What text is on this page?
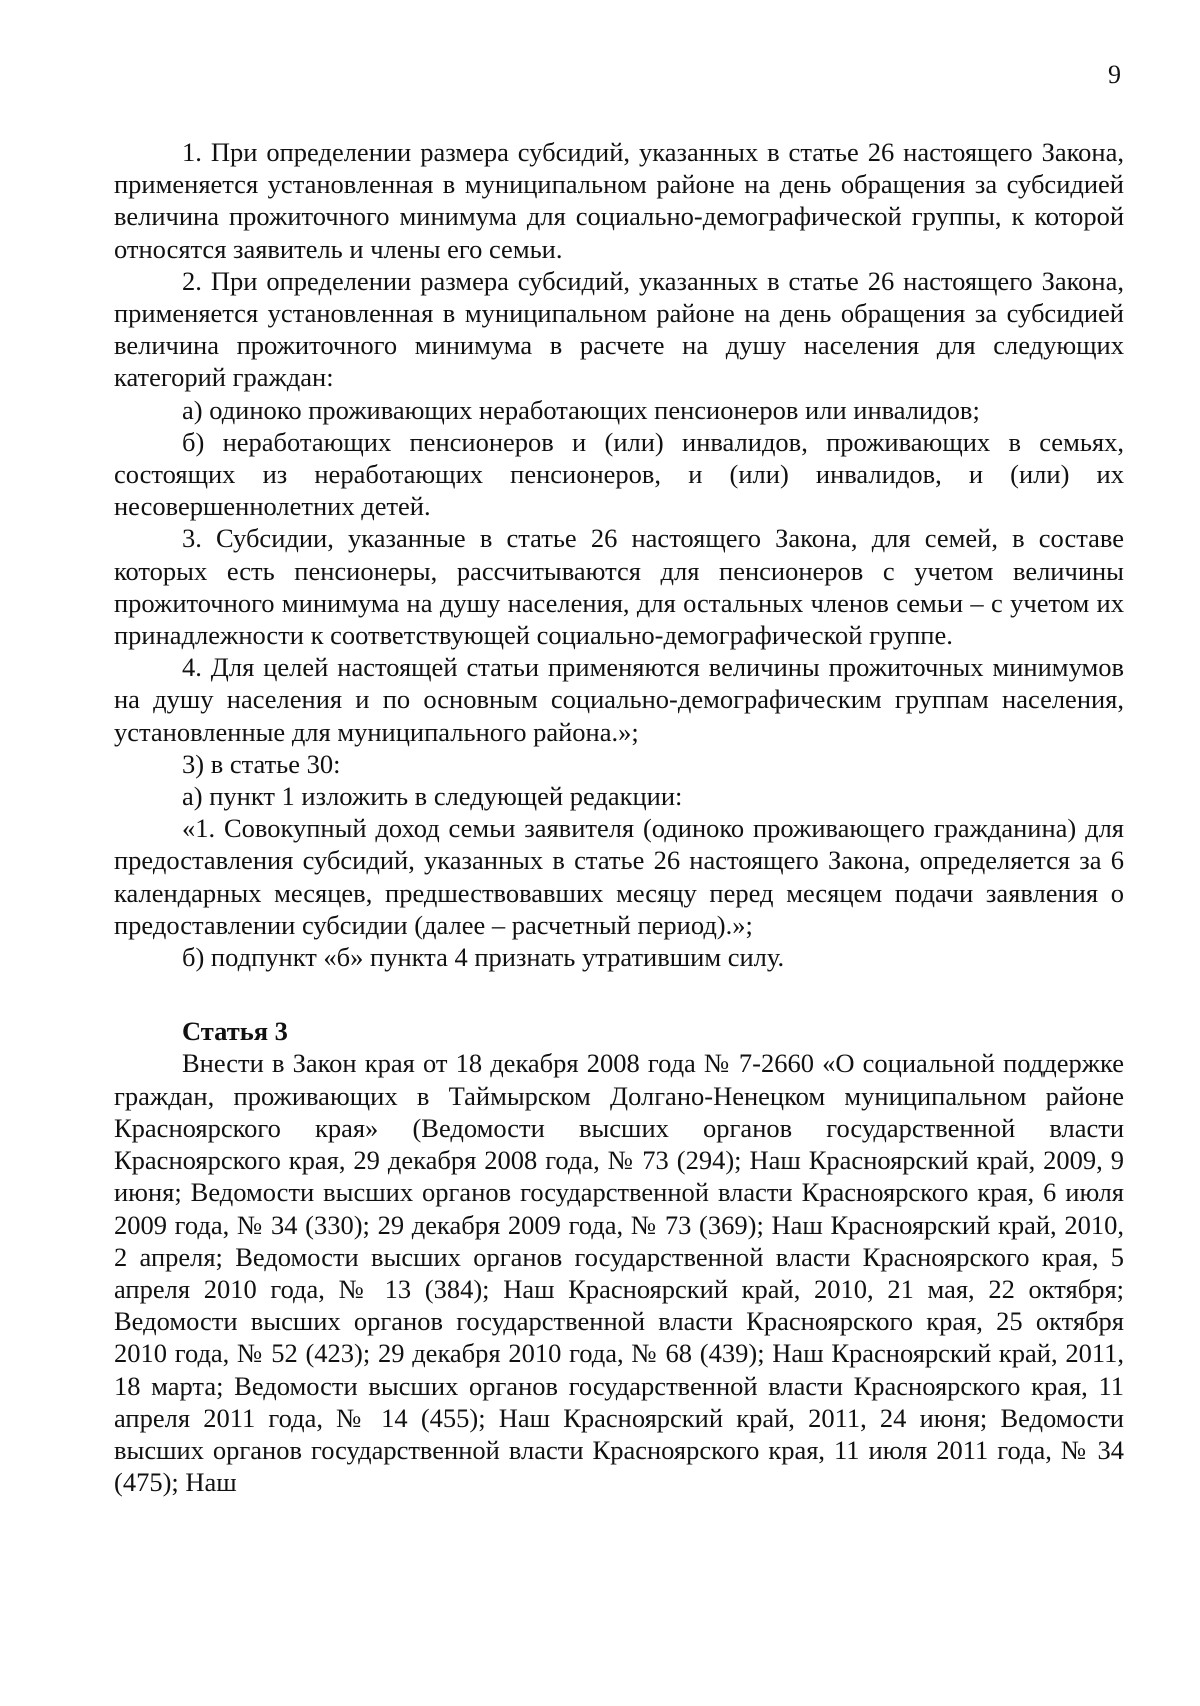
9

1. При определении размера субсидий, указанных в статье 26 настоящего Закона, применяется установленная в муниципальном районе на день обращения за субсидией величина прожиточного минимума для социально-демографической группы, к которой относятся заявитель и члены его семьи.

2. При определении размера субсидий, указанных в статье 26 настоящего Закона, применяется установленная в муниципальном районе на день обращения за субсидией величина прожиточного минимума в расчете на душу населения для следующих категорий граждан:

а) одиноко проживающих неработающих пенсионеров или инвалидов;

б) неработающих пенсионеров и (или) инвалидов, проживающих в семьях, состоящих из неработающих пенсионеров, и (или) инвалидов, и (или) их несовершеннолетних детей.

3. Субсидии, указанные в статье 26 настоящего Закона, для семей, в составе которых есть пенсионеры, рассчитываются для пенсионеров с учетом величины прожиточного минимума на душу населения, для остальных членов семьи – с учетом их принадлежности к соответствующей социально-демографической группе.

4. Для целей настоящей статьи применяются величины прожиточных минимумов на душу населения и по основным социально-демографическим группам населения, установленные для муниципального района.»;

3) в статье 30:

а) пункт 1 изложить в следующей редакции:

«1. Совокупный доход семьи заявителя (одиноко проживающего гражданина) для предоставления субсидий, указанных в статье 26 настоящего Закона, определяется за 6 календарных месяцев, предшествовавших месяцу перед месяцем подачи заявления о предоставлении субсидии (далее – расчетный период).»;

б) подпункт «б» пункта 4 признать утратившим силу.

Статья 3

Внести в Закон края от 18 декабря 2008 года № 7-2660 «О социальной поддержке граждан, проживающих в Таймырском Долгано-Ненецком муниципальном районе Красноярского края» (Ведомости высших органов государственной власти Красноярского края, 29 декабря 2008 года, № 73 (294); Наш Красноярский край, 2009, 9 июня; Ведомости высших органов государственной власти Красноярского края, 6 июля 2009 года, № 34 (330); 29 декабря 2009 года, № 73 (369); Наш Красноярский край, 2010, 2 апреля; Ведомости высших органов государственной власти Красноярского края, 5 апреля 2010 года, № 13 (384); Наш Красноярский край, 2010, 21 мая, 22 октября; Ведомости высших органов государственной власти Красноярского края, 25 октября 2010 года, № 52 (423); 29 декабря 2010 года, № 68 (439); Наш Красноярский край, 2011, 18 марта; Ведомости высших органов государственной власти Красноярского края, 11 апреля 2011 года, № 14 (455); Наш Красноярский край, 2011, 24 июня; Ведомости высших органов государственной власти Красноярского края, 11 июля 2011 года, № 34 (475); Наш
